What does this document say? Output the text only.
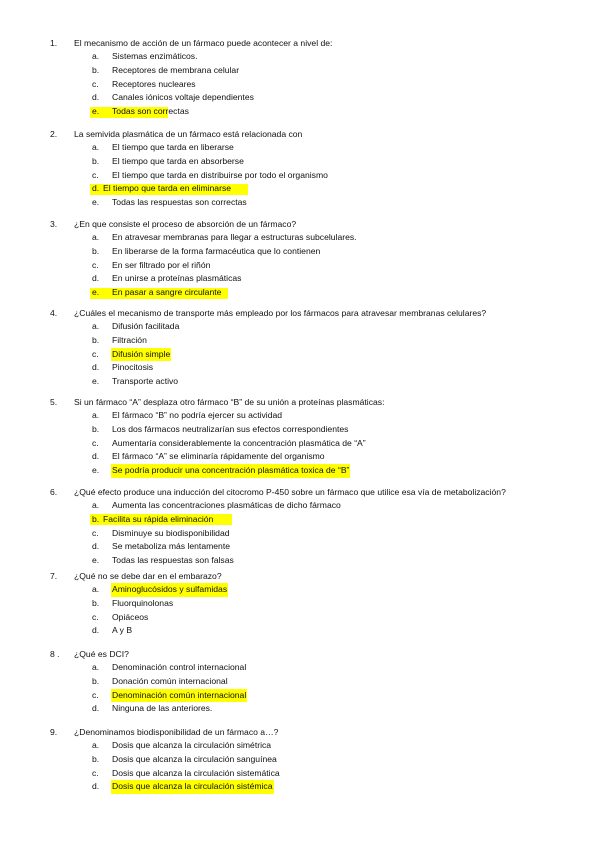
1.	El mecanismo de acción de un fármaco puede acontecer a nivel de:
a.	Sistemas enzimáticos.
b.	Receptores de membrana celular
c.	Receptores nucleares
d.	Canales iónicos voltaje dependientes
e.	Todas son correctas
2.	La semivida plasmática de un fármaco está relacionada con
a.	El tiempo que tarda en liberarse
b.	El tiempo que tarda en absorberse
c.	El tiempo que tarda en distribuirse por todo el organismo
d. El tiempo que tarda en eliminarse
e.	Todas las respuestas son correctas
3.	¿En que consiste el proceso de absorción de un fármaco?
a.	En atravesar membranas para llegar a estructuras subcelulares.
b.	En liberarse de la forma farmacéutica que lo contienen
c.	En ser filtrado por el riñón
d.	En unirse a proteínas plasmáticas
e.	En pasar a sangre circulante
4.	¿Cuáles el mecanismo de transporte más empleado por los fármacos para atravesar membranas celulares?
a.	Difusión facilitada
b.	Filtración
c.	Difusión simple
d.	Pinocitosis
e.	Transporte activo
5.	Si un fármaco “A” desplaza otro fármaco “B” de su unión a proteínas plasmáticas:
a.	El fármaco “B” no podría ejercer su actividad
b.	Los dos fármacos neutralizarían sus efectos correspondientes
c.	Aumentaría considerablemente la concentración plasmática de “A”
d.	El fármaco “A” se eliminaría rápidamente del organismo
e.	Se podría producir una concentración plasmática toxica de “B”
6.	¿Qué efecto produce una inducción del citocromo P-450 sobre un fármaco que utilice esa vía de metabolización?
a.	Aumenta las concentraciones plasmáticas de dicho fármaco
b. Facilita su rápida eliminación
c.	Disminuye su biodisponibilidad
d.	Se metaboliza más lentamente
e.	Todas las respuestas son falsas
7.	¿Qué no se debe dar en el embarazo?
a.	Aminoglucósidos y sulfamidas
b.	Fluorquinolonas
c.	Opiáceos
d.	A y B
8 .	¿Qué es DCI?
a.	Denominación control internacional
b.	Donación común internacional
c.	Denominación común internacional
d.	Ninguna de las anteriores.
9.	¿Denominamos biodisponibilidad de un fármaco a…?
a.	Dosis que alcanza la circulación simétrica
b.	Dosis que alcanza la circulación sanguínea
c.	Dosis que alcanza la circulación sistemática
d.	Dosis que alcanza la circulación sistémica
